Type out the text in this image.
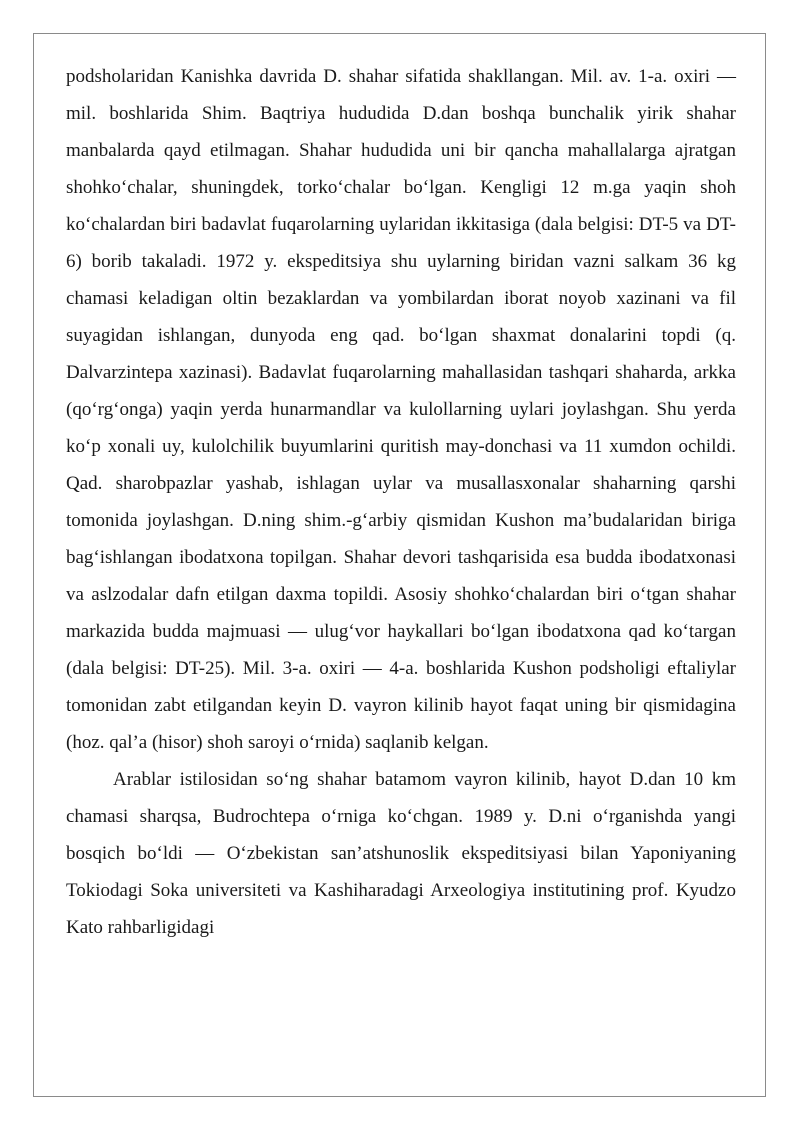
podsholaridan Kanishka davrida D. shahar sifatida shakllangan. Mil. av. 1-a. oxiri — mil. boshlarida Shim. Baqtriya hududida D.dan boshqa bunchalik yirik shahar manbalarda qayd etilmagan. Shahar hududida uni bir qancha mahallalarga ajratgan shohko‘chalar, shuningdek, torko‘chalar bo‘lgan. Kengligi 12 m.ga yaqin shoh ko‘chalardan biri badavlat fuqarolarning uylaridan ikkitasiga (dala belgisi: DT-5 va DT-6) borib takaladi. 1972 y. ekspeditsiya shu uylarning biridan vazni salkam 36 kg chamasi keladigan oltin bezaklardan va yombilardan iborat noyob xazinani va fil suyagidan ishlangan, dunyoda eng qad. bo‘lgan shaxmat donalarini topdi (q. Dalvarzintepa xazinasi). Badavlat fuqarolarning mahallasidan tashqari shaharda, arkka (qo‘rg‘onga) yaqin yerda hunarmandlar va kulollarning uylari joylashgan. Shu yerda ko‘p xonali uy, kulolchilik buyumlarini quritish may-donchasi va 11 xumdon ochildi. Qad. sharobpazlar yashab, ishlagan uylar va musallasxonalar shaharning qarshi tomonida joylashgan. D.ning shim.-g‘arbiy qismidan Kushon ma’budalaridan biriga bag‘ishlangan ibodatxona topilgan. Shahar devori tashqarisida esa budda ibodatxonasi va aslzodalar dafn etilgan daxma topildi. Asosiy shohko‘chalardan biri o‘tgan shahar markazida budda majmuasi — ulug‘vor haykallari bo‘lgan ibodatxona qad ko‘targan (dala belgisi: DT-25). Mil. 3-a. oxiri — 4-a. boshlarida Kushon podsholigi eftaliylar tomonidan zabt etilgandan keyin D. vayron kilinib hayot faqat uning bir qismidagina (hoz. qal’a (hisor) shoh saroyi o‘rnida) saqlanib kelgan.

Arablar istilosidan so‘ng shahar batamom vayron kilinib, hayot D.dan 10 km chamasi sharqsa, Budrochtepa o‘rniga ko‘chgan. 1989 y. D.ni o‘rganishda yangi bosqich bo‘ldi — O‘zbekistan san’atshunoslik ekspeditsiyasi bilan Yaponiyaning Tokiodagi Soka universiteti va Kashiharadagi Arxeologiya institutining prof. Kyudzo Kato rahbarligidagi
